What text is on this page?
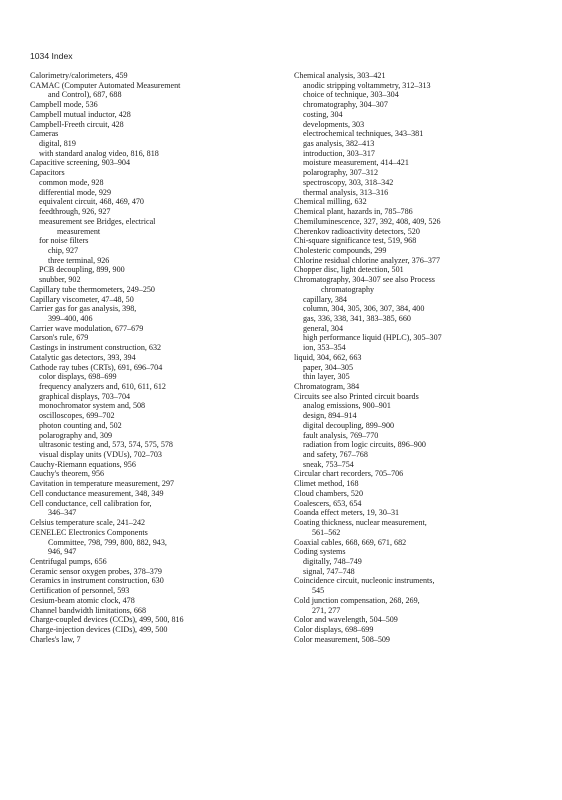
1034 Index
Calorimetry/calorimeters, 459
CAMAC (Computer Automated Measurement
and Control), 687, 688
Campbell mode, 536
Campbell mutual inductor, 428
Campbell-Freeth circuit, 428
Cameras
digital, 819
with standard analog video, 816, 818
Capacitive screening, 903–904
Capacitors
common mode, 928
differential mode, 929
equivalent circuit, 468, 469, 470
feedthrough, 926, 927
measurement see Bridges, electrical
measurement
for noise filters
chip, 927
three terminal, 926
PCB decoupling, 899, 900
snubber, 902
Capillary tube thermometers, 249–250
Capillary viscometer, 47–48, 50
Carrier gas for gas analysis, 398,
399–400, 406
Carrier wave modulation, 677–679
Carson's rule, 679
Castings in instrument construction, 632
Catalytic gas detectors, 393, 394
Cathode ray tubes (CRTs), 691, 696–704
color displays, 698–699
frequency analyzers and, 610, 611, 612
graphical displays, 703–704
monochromator system and, 508
oscilloscopes, 699–702
photon counting and, 502
polarography and, 309
ultrasonic testing and, 573, 574, 575, 578
visual display units (VDUs), 702–703
Cauchy-Riemann equations, 956
Cauchy's theorem, 956
Cavitation in temperature measurement, 297
Cell conductance measurement, 348, 349
Cell conductance, cell calibration for,
346–347
Celsius temperature scale, 241–242
CENELEC Electronics Components
Committee, 798, 799, 800, 882, 943,
946, 947
Centrifugal pumps, 656
Ceramic sensor oxygen probes, 378–379
Ceramics in instrument construction, 630
Certification of personnel, 593
Cesium-beam atomic clock, 478
Channel bandwidth limitations, 668
Charge-coupled devices (CCDs), 499, 500, 816
Charge-injection devices (CIDs), 499, 500
Charles's law, 7
Chemical analysis, 303–421
anodic stripping voltammetry, 312–313
choice of technique, 303–304
chromatography, 304–307
costing, 304
developments, 303
electrochemical techniques, 343–381
gas analysis, 382–413
introduction, 303–317
moisture measurement, 414–421
polarography, 307–312
spectroscopy, 303, 318–342
thermal analysis, 313–316
Chemical milling, 632
Chemical plant, hazards in, 785–786
Chemiluminescence, 327, 392, 408, 409, 526
Cherenkov radioactivity detectors, 520
Chi-square significance test, 519, 968
Cholesteric compounds, 299
Chlorine residual chlorine analyzer, 376–377
Chopper disc, light detection, 501
Chromatography, 304–307 see also Process
chromatography
capillary, 384
column, 304, 305, 306, 307, 384, 400
gas, 336, 338, 341, 383–385, 660
general, 304
high performance liquid (HPLC), 305–307
ion, 353–354
liquid, 304, 662, 663
paper, 304–305
thin layer, 305
Chromatogram, 384
Circuits see also Printed circuit boards
analog emissions, 900–901
design, 894–914
digital decoupling, 899–900
fault analysis, 769–770
radiation from logic circuits, 896–900
and safety, 767–768
sneak, 753–754
Circular chart recorders, 705–706
Climet method, 168
Cloud chambers, 520
Coalescers, 653, 654
Coanda effect meters, 19, 30–31
Coating thickness, nuclear measurement,
561–562
Coaxial cables, 668, 669, 671, 682
Coding systems
digitally, 748–749
signal, 747–748
Coincidence circuit, nucleonic instruments,
545
Cold junction compensation, 268, 269,
271, 277
Color and wavelength, 504–509
Color displays, 698–699
Color measurement, 508–509
